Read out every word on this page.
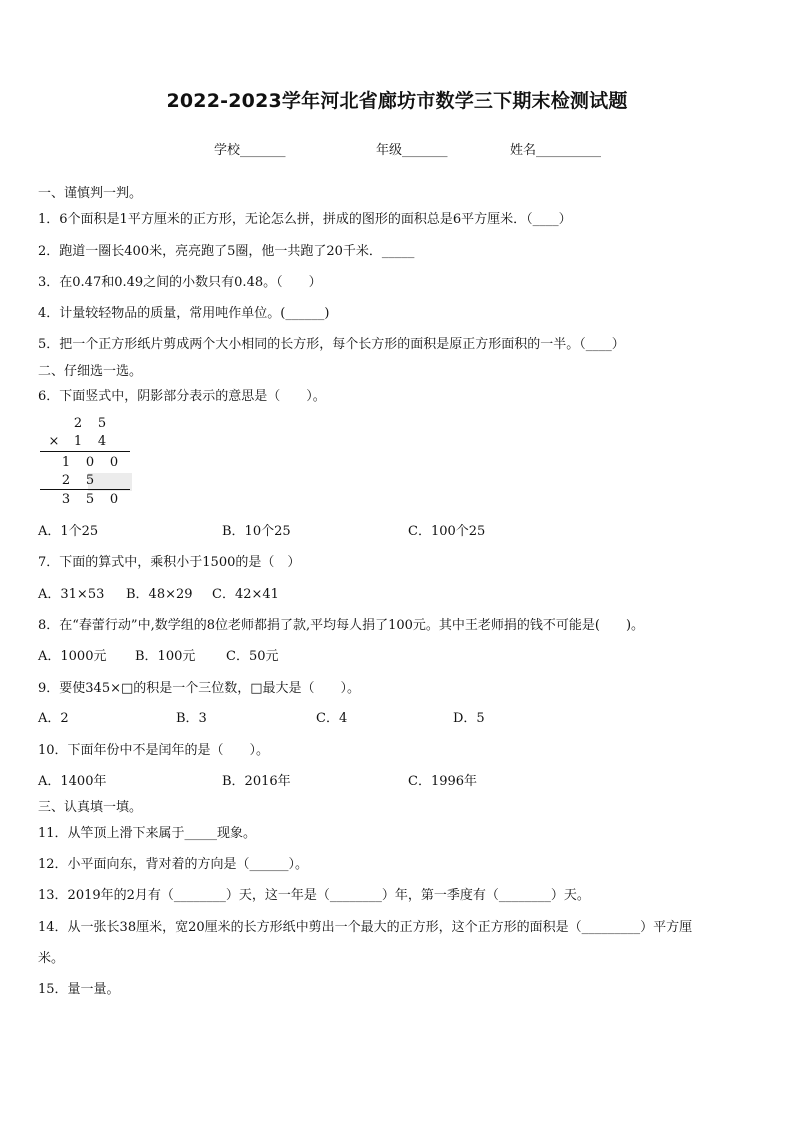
2022-2023学年河北省廊坊市数学三下期末检测试题
学校_______	年级_______	姓名__________
一、谨慎判一判。
1．6个面积是1平方厘米的正方形，无论怎么拼，拼成的图形的面积总是6平方厘米．（____）
2．跑道一圈长400米，亮亮跑了5圈，他一共跑了20千米．_____
3．在0.47和0.49之间的小数只有0.48。（　　）
4．计量较轻物品的质量，常用吨作单位。(______)
5．把一个正方形纸片剪成两个大小相同的长方形，每个长方形的面积是原正方形面积的一半。（____）
二、仔细选一选。
6．下面竖式中，阴影部分表示的意思是（　　）。
2 5
× 1 4
1 0 0
2 5
3 5 0
A．1个25	B．10个25	C．100个25
7．下面的算式中，乘积小于1500的是（　）
A．31×53 B．48×29 C．42×41
8．在“春蕾行动”中,数学组的8位老师都捐了款,平均每人捐了100元。其中王老师捐的钱不可能是(　　)。
A．1000元 B．100元 C．50元
9．要使345×□的积是一个三位数，□最大是（　　）。
A．2	B．3	C．4	D．5
10．下面年份中不是闰年的是（　　）。
A．1400年	B．2016年	C．1996年
三、认真填一填。
11．从竿顶上滑下来属于_____现象。
12．小平面向东，背对着的方向是（______）。
13．2019年的2月有（________）天，这一年是（________）年，第一季度有（________）天。
14．从一张长38厘米，宽20厘米的长方形纸中剪出一个最大的正方形，这个正方形的面积是（_________）平方厘
米。
15．量一量。
